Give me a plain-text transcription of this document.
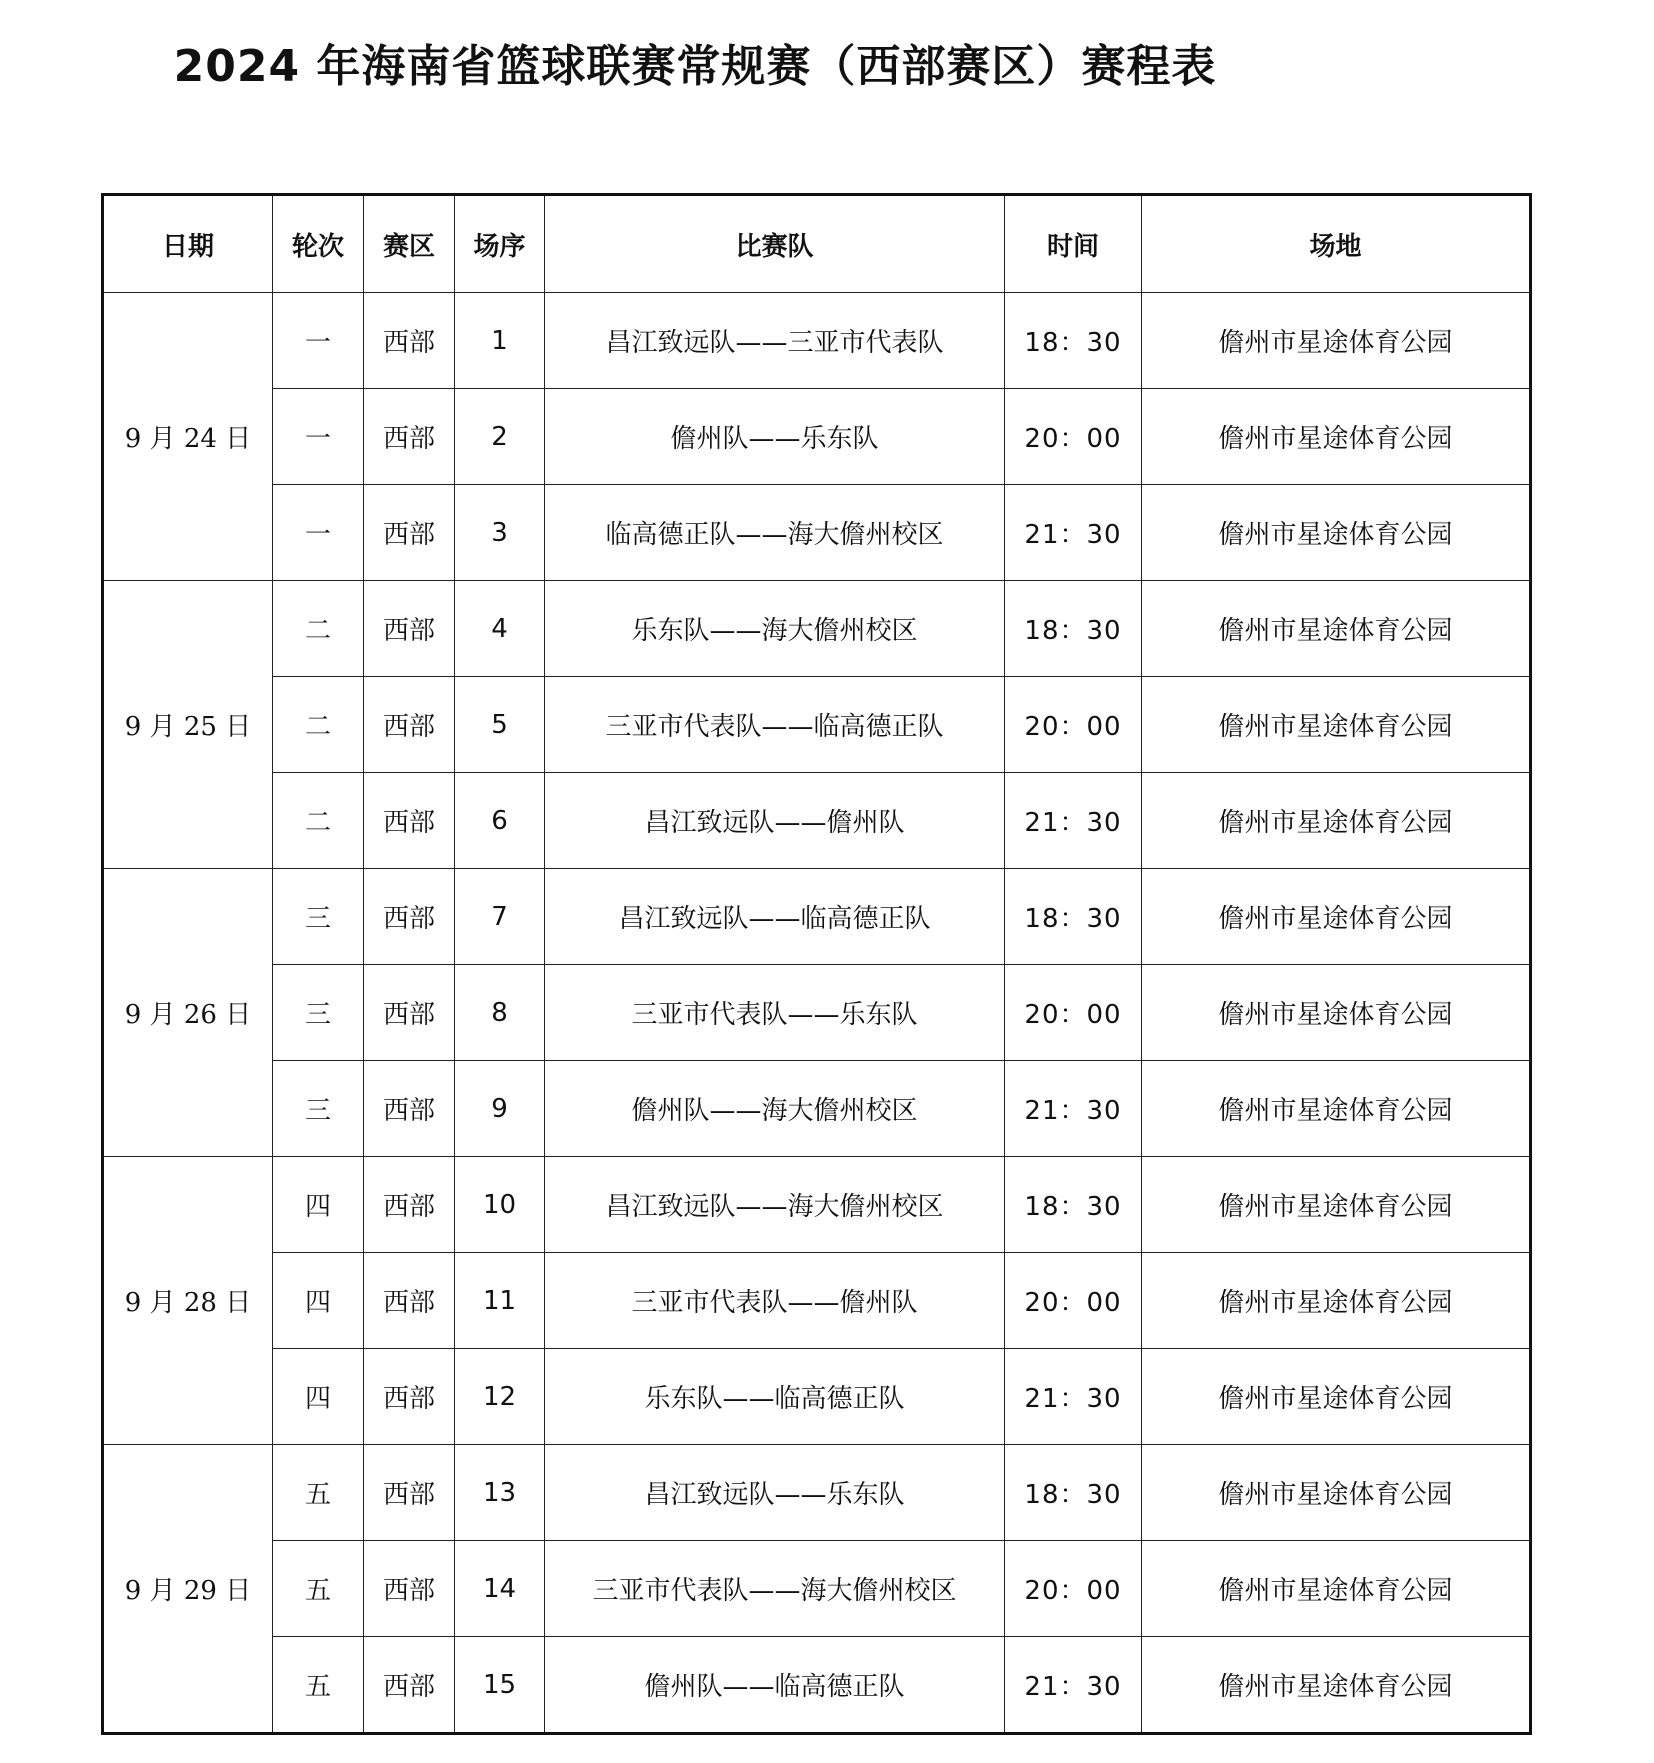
2024 年海南省篮球联赛常规赛（西部赛区）赛程表
日期	轮次	赛区	场序	比赛队	时间	场地
9 月 24 日	一	西部	1	昌江致远队——三亚市代表队	18：30	儋州市星途体育公园
	一	西部	2	儋州队——乐东队	20：00	儋州市星途体育公园
	一	西部	3	临高德正队——海大儋州校区	21：30	儋州市星途体育公园
9 月 25 日	二	西部	4	乐东队——海大儋州校区	18：30	儋州市星途体育公园
	二	西部	5	三亚市代表队——临高德正队	20：00	儋州市星途体育公园
	二	西部	6	昌江致远队——儋州队	21：30	儋州市星途体育公园
9 月 26 日	三	西部	7	昌江致远队——临高德正队	18：30	儋州市星途体育公园
	三	西部	8	三亚市代表队——乐东队	20：00	儋州市星途体育公园
	三	西部	9	儋州队——海大儋州校区	21：30	儋州市星途体育公园
9 月 28 日	四	西部	10	昌江致远队——海大儋州校区	18：30	儋州市星途体育公园
	四	西部	11	三亚市代表队——儋州队	20：00	儋州市星途体育公园
	四	西部	12	乐东队——临高德正队	21：30	儋州市星途体育公园
9 月 29 日	五	西部	13	昌江致远队——乐东队	18：30	儋州市星途体育公园
	五	西部	14	三亚市代表队——海大儋州校区	20：00	儋州市星途体育公园
	五	西部	15	儋州队——临高德正队	21：30	儋州市星途体育公园
